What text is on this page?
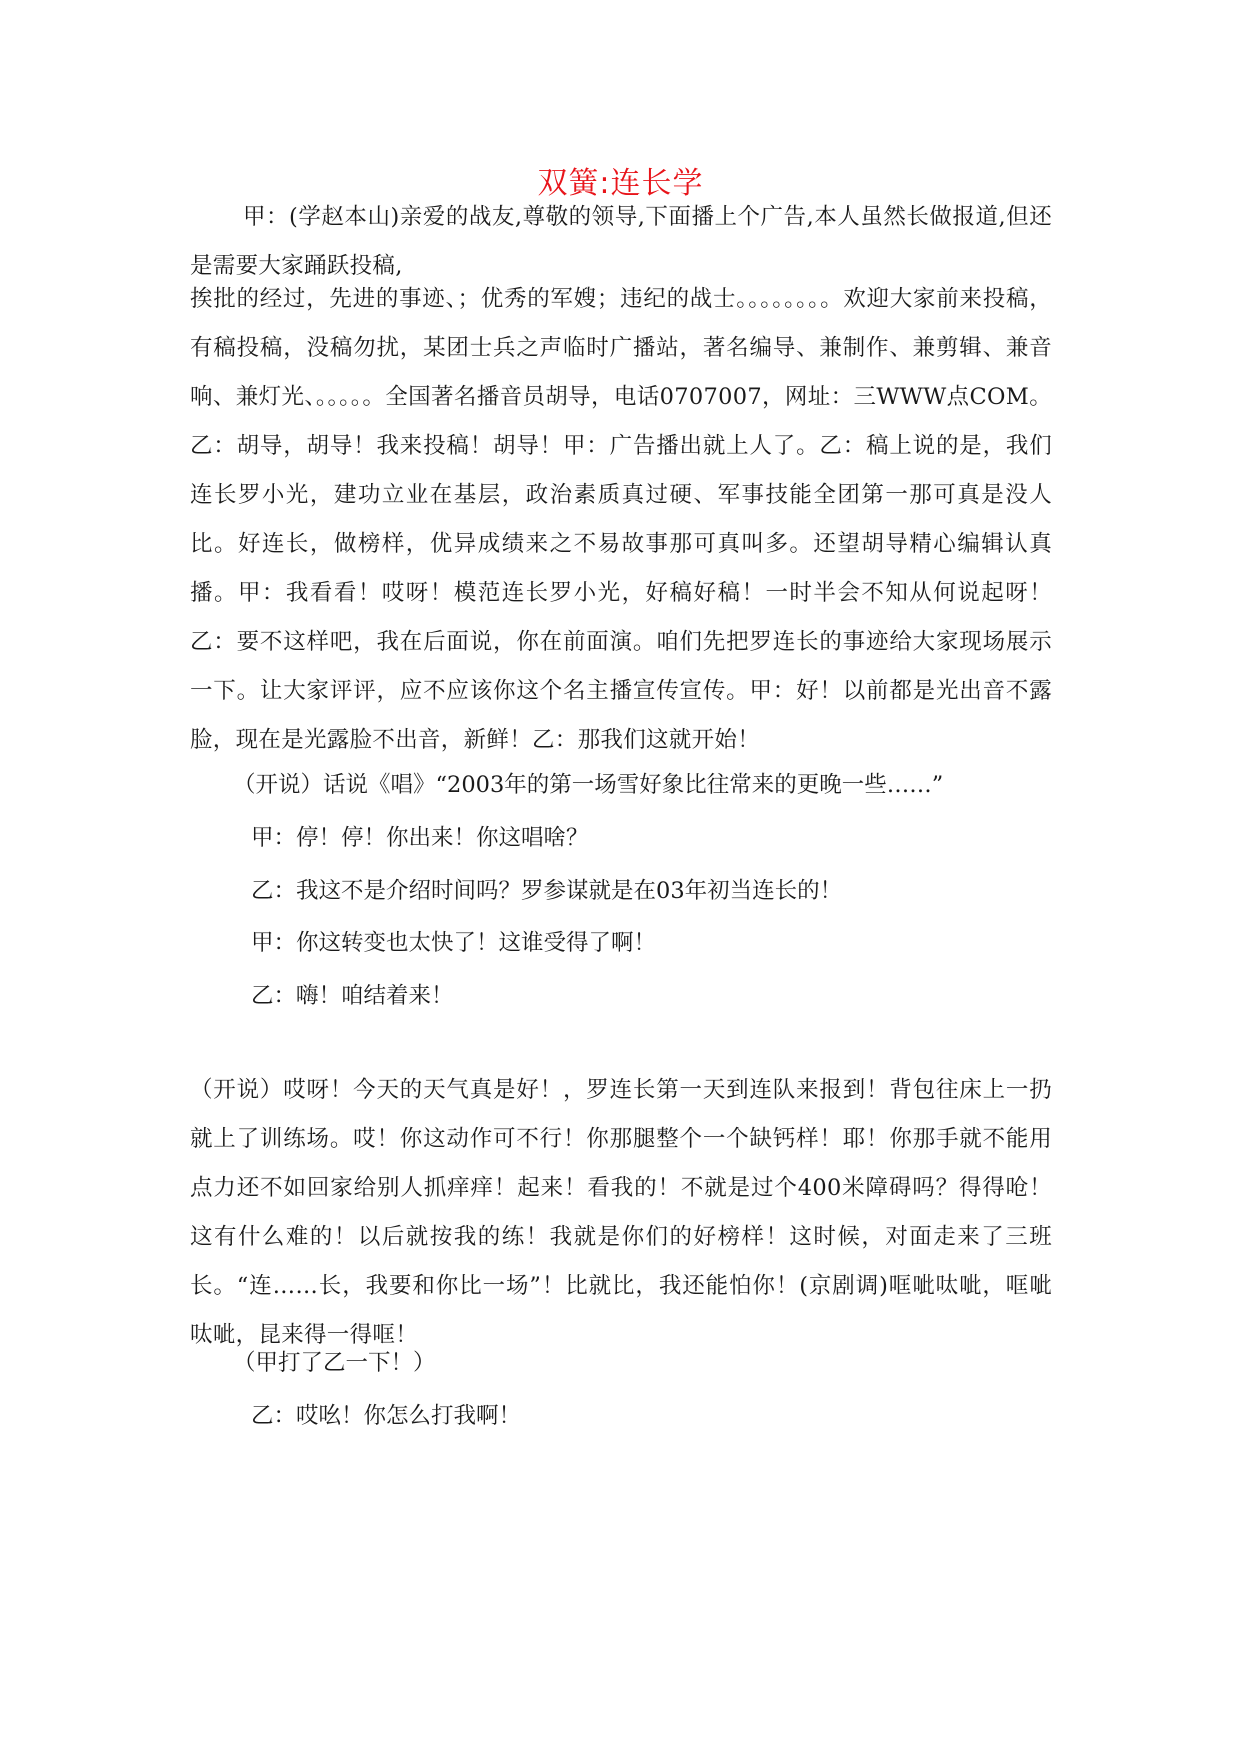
双簧:连长学
甲：(学赵本山)亲爱的战友,尊敬的领导,下面播上个广告,本人虽然长做报道,但还是需要大家踊跃投稿,
挨批的经过，先进的事迹、；优秀的军嫂；违纪的战士。。。。。。。。欢迎大家前来投稿，有稿投稿，没稿勿扰，某团士兵之声临时广播站，著名编导、兼制作、兼剪辑、兼音响、兼灯光、。。。。。全国著名播音员胡导，电话0707007，网址：三WWW点COM。乙：胡导，胡导！我来投稿！胡导！甲：广告播出就上人了。乙：稿上说的是，我们连长罗小光，建功立业在基层，政治素质真过硬、军事技能全团第一那可真是没人比。好连长，做榜样，优异成绩来之不易故事那可真叫多。还望胡导精心编辑认真播。甲：我看看！哎呀！模范连长罗小光，好稿好稿！一时半会不知从何说起呀！乙：要不这样吧，我在后面说，你在前面演。咱们先把罗连长的事迹给大家现场展示一下。让大家评评，应不应该你这个名主播宣传宣传。甲：好！以前都是光出音不露脸，现在是光露脸不出音，新鲜！乙：那我们这就开始！
（开说）话说《唱》“2003年的第一场雪好象比往常来的更晚一些……”
甲：停！停！你出来！你这唱啥？
乙：我这不是介绍时间吗？罗参谋就是在03年初当连长的！
甲：你这转变也太快了！这谁受得了啊！
乙：嗨！咱结着来！
（开说）哎呀！今天的天气真是好！，罗连长第一天到连队来报到！背包往床上一扔就上了训练场。哎！你这动作可不行！你那腿整个一个缺钙样！耶！你那手就不能用点力还不如回家给别人抓痒痒！起来！看我的！不就是过个400米障碍吗？得得呛！这有什么难的！以后就按我的练！我就是你们的好榜样！这时候，对面走来了三班长。“连……长，我要和你比一场”！比就比，我还能怕你！(京剧调)哐呲呔呲，哐呲呔呲，昆来得一得哐！
（甲打了乙一下！）
乙：哎吆！你怎么打我啊！
